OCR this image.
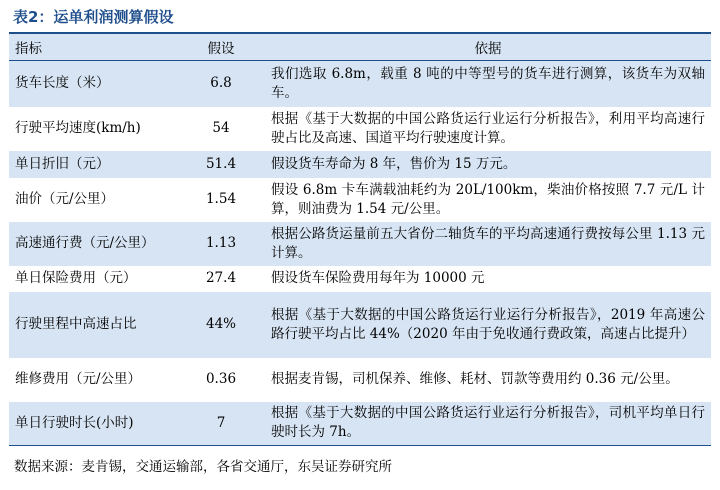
表2：运单利润测算假设
指标	假设	依据
货车长度（米）	6.8	我们选取 6.8m，载重 8 吨的中等型号的货车进行测算，该货车为双轴车。
行驶平均速度(km/h)	54	根据《基于大数据的中国公路货运行业运行分析报告》，利用平均高速行驶占比及高速、国道平均行驶速度计算。
单日折旧（元）	51.4	假设货车寿命为 8 年，售价为 15 万元。
油价（元/公里）	1.54	假设 6.8m 卡车满载油耗约为 20L/100km，柴油价格按照 7.7 元/L 计算，则油费为 1.54 元/公里。
高速通行费（元/公里）	1.13	根据公路货运量前五大省份二轴货车的平均高速通行费按每公里 1.13 元计算。
单日保险费用（元）	27.4	假设货车保险费用每年为 10000 元
行驶里程中高速占比	44%	根据《基于大数据的中国公路货运行业运行分析报告》，2019 年高速公路行驶平均占比 44%（2020 年由于免收通行费政策，高速占比提升）
维修费用（元/公里）	0.36	根据麦肯锡，司机保养、维修、耗材、罚款等费用约 0.36 元/公里。
单日行驶时长(小时)	7	根据《基于大数据的中国公路货运行业运行分析报告》，司机平均单日行驶时长为 7h。
数据来源：麦肯锡，交通运输部，各省交通厅，东吴证券研究所
